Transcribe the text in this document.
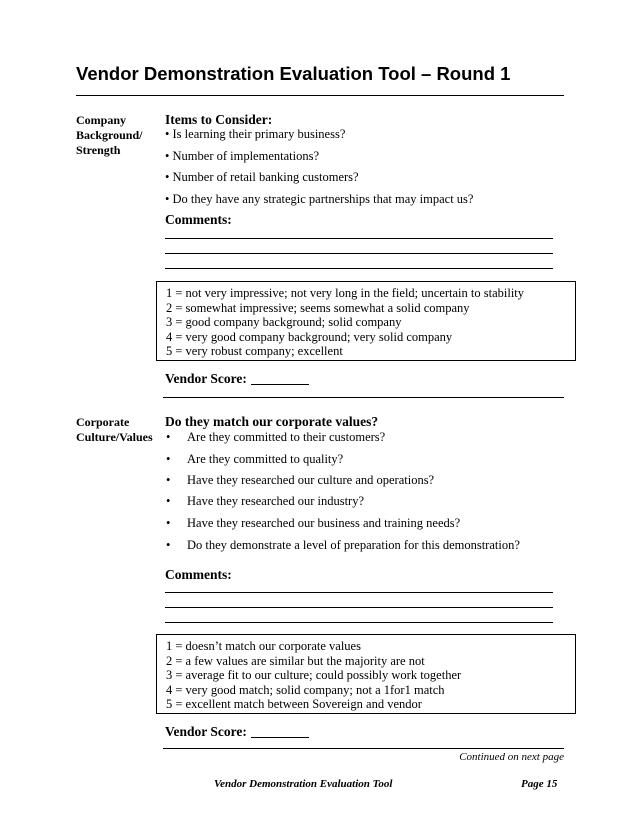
Vendor Demonstration Evaluation Tool – Round 1
Company
Background/
Strength
Items to Consider:
• Is learning their primary business?
• Number of implementations?
• Number of retail banking customers?
• Do they have any strategic partnerships that may impact us?
Comments:
1 = not very impressive; not very long in the field; uncertain to stability
2 = somewhat impressive; seems somewhat a solid company
3 = good company background; solid company
4 = very good company background; very solid company
5 = very robust company; excellent
Vendor Score:
Corporate
Culture/Values
Do they match our corporate values?
• Are they committed to their customers?
• Are they committed to quality?
• Have they researched our culture and operations?
• Have they researched our industry?
• Have they researched our business and training needs?
• Do they demonstrate a level of preparation for this demonstration?
Comments:
1 = doesn’t match our corporate values
2 = a few values are similar but the majority are not
3 = average fit to our culture; could possibly work together
4 = very good match; solid company; not a 1for1 match
5 = excellent match between Sovereign and vendor
Vendor Score:
Continued on next page
Vendor Demonstration Evaluation Tool	Page 15
